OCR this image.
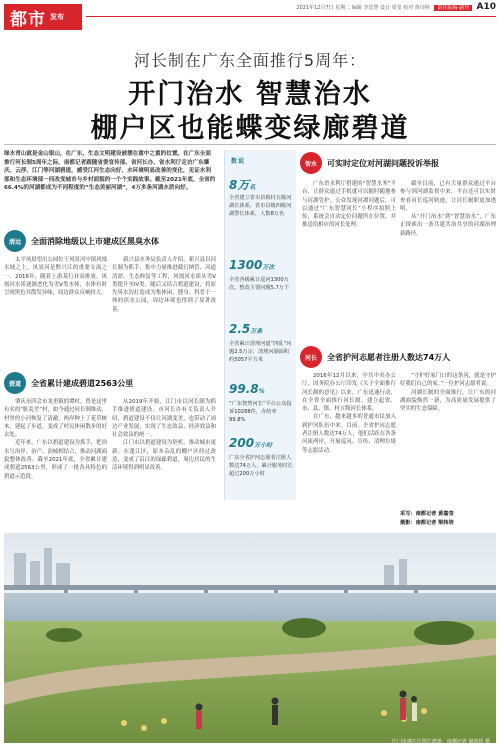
都市 发布
2021年12月7日 星期二 编辑 李思慧 设计 周玺 校对 黄诗婷 责任版编·副刊 A10
河长制在广东全面推行5周年：
开门治水 智慧治水
棚户区也能蝶变绿廊碧道
绿水青山就是金山银山，在广东，生态文明建设被摆在重中之重的位置。在广东全面推行河长制5周年之际，南都记者跟随省委宣传部、省河长办、省水利厅走访广东肇庆、云浮、江门等河湖碧道，感受江河生态向好、水环境明显改善的变化，见证水利部和生态环境部一同改变城市与乡村面貌的一个个实践故事。截至2021年底，全省约66.4%的河湖都成为不同程度的“生态美丽河湖”，4万多条河湖水质向好。
清远	全面消除地级以上市建成区黑臭水体

太平风晨望出公园位于风景河中镇风凰水域之上，风景河是黔兴江的重要支流之一。2016年，随着上游某行业高排放，风凰河水质逐渐恶化为劣V类水体，水体有时呈现黑色并散发异味，周边群众反响较大。

新兴县水务局负责人介绍，新兴县以河长制为抓手，集中力量推进截污纳管、河道清淤、生态修复等工程，风凰河水质从劣V类提升至IV类。随后又结合碧道建设，将原先臭水沟打造成为集休闲、健身、科普于一体的滨水公园，周边环境也得到了显著改善。

碧道	全省累计建成碧道2563公里

肇庆市四会市龙甫镇的谭村，曾是这里有名的“脏乱差”村，如今通过河长制推动，村里的小河恢复了清澈，两岸种上了花草树木，建起了步道，变成了村民休闲散步的好去处。

近年来，广东以碧道建设为抓手，把治水与治岸、治产、治城相结合，推动河湖面貌整体改善。截至2021年底，全省累计建成碧道2563公里，形成了一批各具特色的碧道示范段。

从2019年开始，江门市以河长制为抓手推进碧道建设。市河长办有关负责人介绍，碧道建设不仅让河湖变美，也带动了周边产业发展，实现了生态效益、经济效益和社会效益的统一。

江门市以碧道建设为契机，推动城市更新。在蓬江区，原本杂乱的棚户区经过改造，变成了沿江的绿廊碧道，周边居民的生活环境得到明显改善。

数说
8万名
全省建立省市县镇村五级河湖长体系，省市县镇四级河湖警长体系，人数8万名
1300万次
全省各级累计巡河1300万次，整改主要问题5.7万个
2.5万条
全省累计清理河道“四乱”问题2.5万宗，清理河湖面积约5057平方米
99.8%
“广东智慧河长”平台公众投诉10288件，办结率99.8%
200万小时
广东全省护河志愿者注册人数达74万人，累计服务时长超过200万小时
智水	可实时定位对河湖问题投诉举报

广东省水利厅搭建的“智慧水务”平台，让群众通过手机就可以随时随地参与河湖管护。公众发现河湖问题后，可以通过“广东智慧河长”小程序拍照上传，系统会自动定位问题所在位置，并推送给相应的河长处理。

截至目前，已有大量群众通过平台参与到河湖监督中来。平台还可以实时查看河长巡河轨迹，让河长履职更加透明。

从“开门治水”到“智慧治水”，广东正探索出一条共建共治共享的河湖治理新路径。

河长	全省护河志愿者注册人数达74万人

2016年12月以来，中共中央办公厅、国务院办公厅印发《关于全面推行河长制的意见》以来，广东迅速行动，在全省全面推行河长制，建立起省、市、县、镇、村五级河长体系。

在广东，越来越多的普通市民加入到护河队伍中来。目前，全省护河志愿者注册人数达74万人，他们活跃在各条河流两岸，开展巡河、宣传、清理垃圾等志愿活动。

“守护好家门口的这条河，就是守护好我们自己的家。”一位护河志愿者说。

河湖长制的全面推行，让广东的河湖面貌焕然一新，为高质量发展提供了坚实的生态保障。

采写：南都记者 黄嘉莹
摄影：南都记者 梁炜培
江门市蓬江区滨江碧道。南都记者 梁炜培 摄
